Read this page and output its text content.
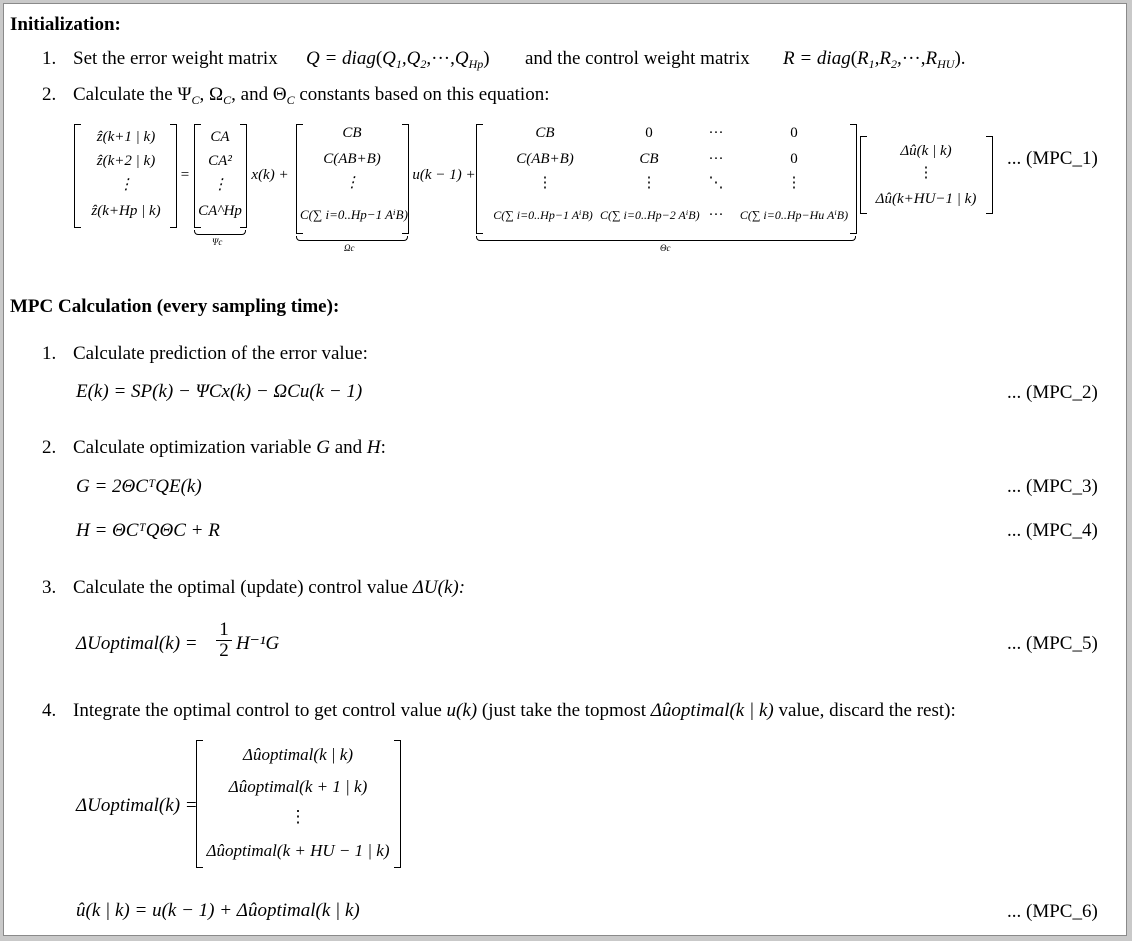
Initialization:
1. Set the error weight matrix $Q = diag(Q_1,Q_2,\cdot\cdot\cdot,Q_{Hp})$ and the control weight matrix $R = diag(R_1,R_2,\cdot\cdot\cdot,R_{HU})$.
2. Calculate the $\Psi_C$, $\Omega_C$, and $\Theta_C$ constants based on this equation:
ẑ(k+1 | k)
ẑ(k+2 | k)
⋮
ẑ(k+Hp | k)
=
CA
CA²
⋮
CA^Hp
Ψc
x(k) +
CB
C(AB+B)
⋮
C(∑ i=0..Hp−1 AⁱB)
Ωc
u(k − 1) +
CB	0	···	0
C(AB+B)	CB	···	0
⋮	⋮	⋱	⋮
C(∑ i=0..Hp−1 AⁱB) C(∑ i=0..Hp−2 AⁱB) ···	C(∑ i=0..Hp−Hu AⁱB)
Θc
Δû(k | k)
⋮
Δû(k+HU−1 | k)
... (MPC_1)
MPC Calculation (every sampling time):
1. Calculate prediction of the error value:
E(k) = SP(k) − ΨCx(k) − ΩCu(k − 1)	... (MPC_2)
2. Calculate optimization variable G and H:
G = 2ΘCᵀQE(k)	... (MPC_3)
H = ΘCᵀQΘC + R	... (MPC_4)
3. Calculate the optimal (update) control value ΔU(k):
ΔUoptimal(k) = $\frac{1}{2} H^{-1}G$	... (MPC_5)
4. Integrate the optimal control to get control value u(k) (just take the topmost Δûoptimal(k | k) value, discard the rest):
ΔUoptimal(k) =
Δûoptimal(k | k)
Δûoptimal(k + 1 | k)
⋮
Δûoptimal(k + HU − 1 | k)
û(k | k) = u(k − 1) + Δûoptimal(k | k)	... (MPC_6)
